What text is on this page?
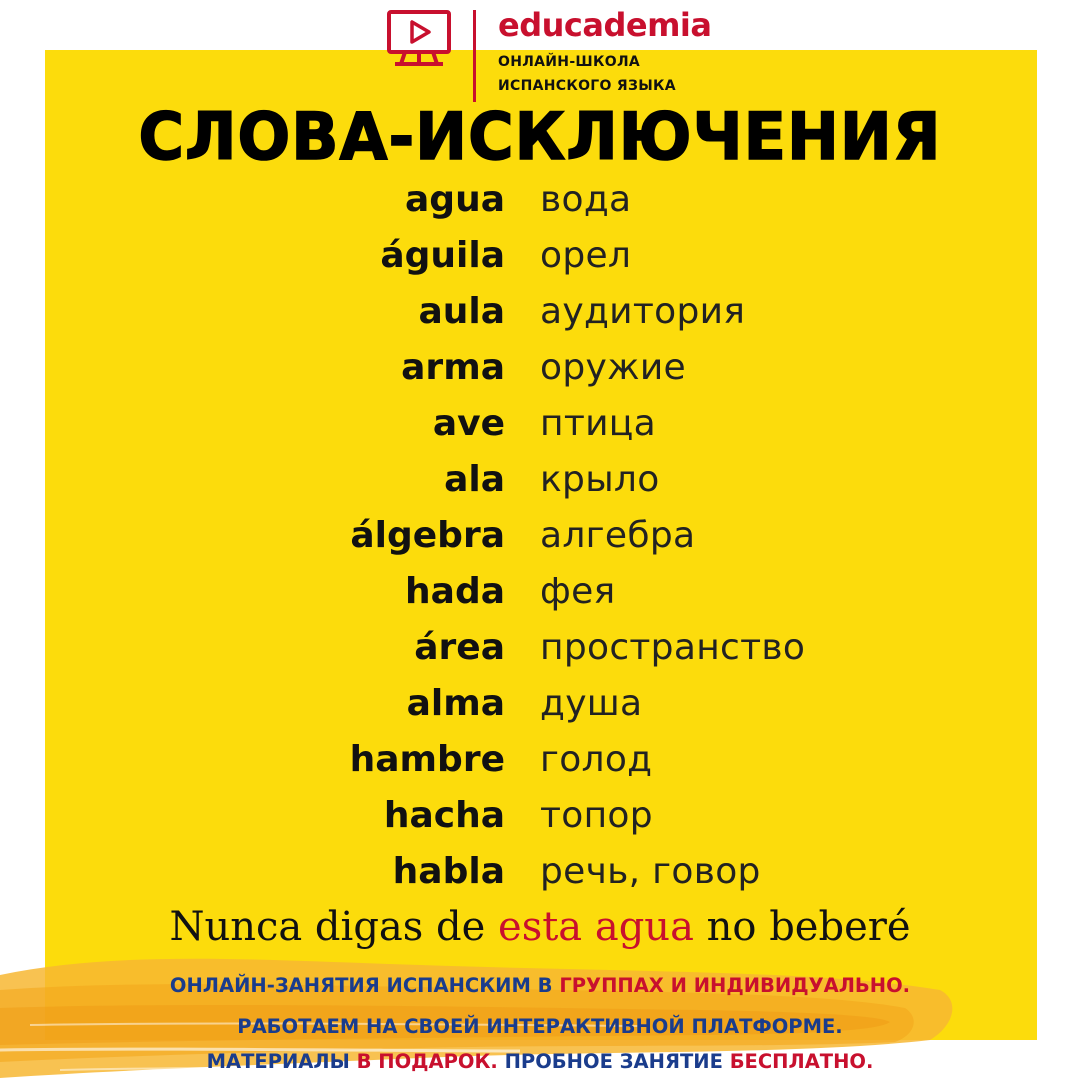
educademia
ОНЛАЙН-ШКОЛА
ИСПАНСКОГО ЯЗЫКА
СЛОВА-ИСКЛЮЧЕНИЯ
agua вода
águila орел
aula аудитория
arma оружие
ave птица
ala крыло
álgebra алгебра
hada фея
área пространство
alma душа
hambre голод
hacha топор
habla речь, говор
Nunca digas de esta agua no beberé
ОНЛАЙН-ЗАНЯТИЯ ИСПАНСКИМ В ГРУППАХ И ИНДИВИДУАЛЬНО.
РАБОТАЕМ НА СВОЕЙ ИНТЕРАКТИВНОЙ ПЛАТФОРМЕ.
МАТЕРИАЛЫ В ПОДАРОК. ПРОБНОЕ ЗАНЯТИЕ БЕСПЛАТНО.
